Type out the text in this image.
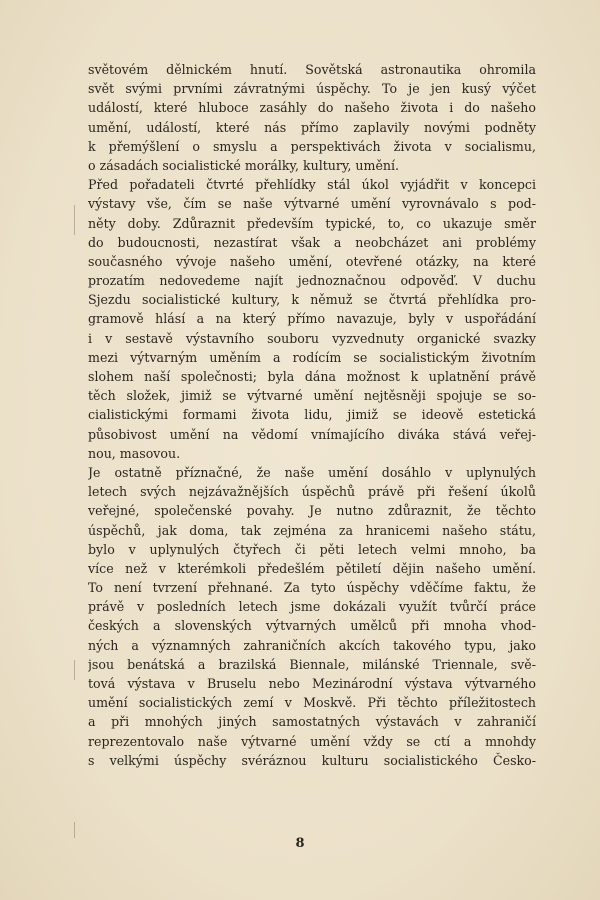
světovém dělnickém hnutí. Sovětská astronautika ohromila
svět svými prvními závratnými úspěchy. To je jen kusý výčet
událostí, které hluboce zasáhly do našeho života i do našeho
umění, událostí, které nás přímo zaplavily novými podněty
k přemýšlení o smyslu a perspektivách života v socialismu,
o zásadách socialistické morálky, kultury, umění.
Před pořadateli čtvrté přehlídky stál úkol vyjádřit v koncepci
výstavy vše, čím se naše výtvarné umění vyrovnávalo s pod-
něty doby. Zdůraznit především typické, to, co ukazuje směr
do budoucnosti, nezastírat však a neobcházet ani problémy
současného vývoje našeho umění, otevřené otázky, na které
prozatím nedovedeme najít jednoznačnou odpověď. V duchu
Sjezdu socialistické kultury, k němuž se čtvrtá přehlídka pro-
gramově hlásí a na který přímo navazuje, byly v uspořádání
i v sestavě výstavního souboru vyzvednuty organické svazky
mezi výtvarným uměním a rodícím se socialistickým životním
slohem naší společnosti; byla dána možnost k uplatnění právě
těch složek, jimiž se výtvarné umění nejtěsněji spojuje se so-
cialistickými formami života lidu, jimiž se ideově estetická
působivost umění na vědomí vnímajícího diváka stává veřej-
nou, masovou.
Je ostatně příznačné, že naše umění dosáhlo v uplynulých
letech svých nejzávažnějších úspěchů právě při řešení úkolů
veřejné, společenské povahy. Je nutno zdůraznit, že těchto
úspěchů, jak doma, tak zejména za hranicemi našeho státu,
bylo v uplynulých čtyřech či pěti letech velmi mnoho, ba
více než v kterémkoli předešlém pětiletí dějin našeho umění.
To není tvrzení přehnané. Za tyto úspěchy vděčíme faktu, že
právě v posledních letech jsme dokázali využít tvůrčí práce
českých a slovenských výtvarných umělců při mnoha vhod-
ných a významných zahraničních akcích takového typu, jako
jsou benátská a brazilská Biennale, milánské Triennale, svě-
tová výstava v Bruselu nebo Mezinárodní výstava výtvarného
umění socialistických zemí v Moskvě. Při těchto příležitostech
a při mnohých jiných samostatných výstavách v zahraničí
reprezentovalo naše výtvarné umění vždy se ctí a mnohdy
s velkými úspěchy svéráznou kulturu socialistického Česko-
8
